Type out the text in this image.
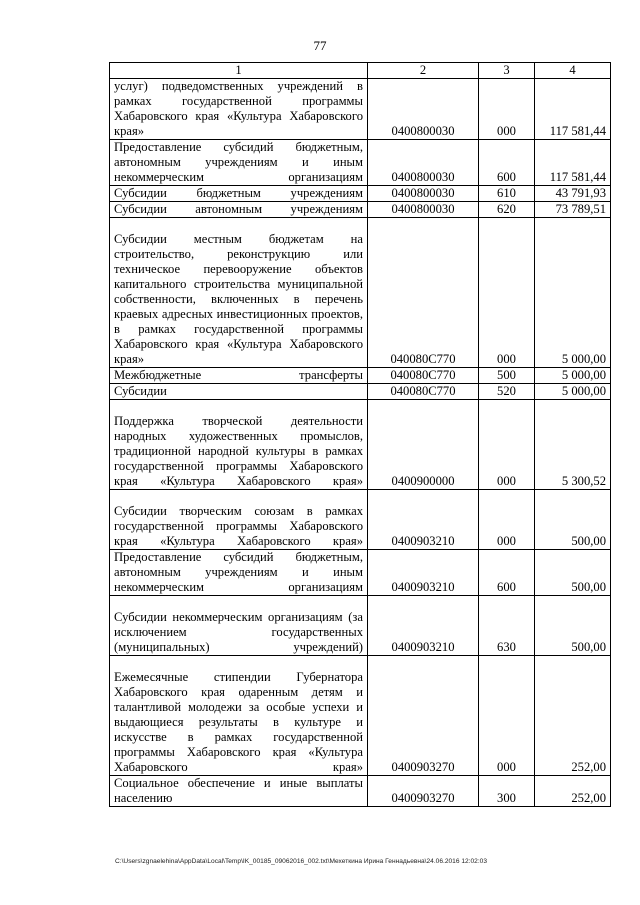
77
1	2	3	4
услуг) подведомственных учреждений в рамках государственной программы Хабаровского края «Культура Хабаровского края»	0400800030	000	117 581,44
Предоставление субсидий бюджетным, автономным учреждениям и иным некоммерческим организациям	0400800030	600	117 581,44
Субсидии бюджетным учреждениям	0400800030	610	43 791,93
Субсидии автономным учреждениям	0400800030	620	73 789,51
Субсидии местным бюджетам на строительство, реконструкцию или техническое перевооружение объектов капитального строительства муниципальной собственности, включенных в перечень краевых адресных инвестиционных проектов, в рамках государственной программы Хабаровского края «Культура Хабаровского края»	040080С770	000	5 000,00
Межбюджетные трансферты	040080С770	500	5 000,00
Субсидии	040080С770	520	5 000,00
Поддержка творческой деятельности народных художественных промыслов, традиционной народной культуры в рамках государственной программы Хабаровского края «Культура Хабаровского края»	0400900000	000	5 300,52
Субсидии творческим союзам в рамках государственной программы Хабаровского края «Культура Хабаровского края»	0400903210	000	500,00
Предоставление субсидий бюджетным, автономным учреждениям и иным некоммерческим организациям	0400903210	600	500,00
Субсидии некоммерческим организациям (за исключением государственных (муниципальных) учреждений)	0400903210	630	500,00
Ежемесячные стипендии Губернатора Хабаровского края одаренным детям и талантливой молодежи за особые успехи и выдающиеся результаты в культуре и искусстве в рамках государственной программы Хабаровского края «Культура Хабаровского края»	0400903270	000	252,00
Социальное обеспечение и иные выплаты населению	0400903270	300	252,00
C:\Users\zgnaelehina\AppData\Local\Temp\IK_00185_09062016_002.txt\Мехеткина Ирина Геннадьевна\24.06.2016 12:02:03
